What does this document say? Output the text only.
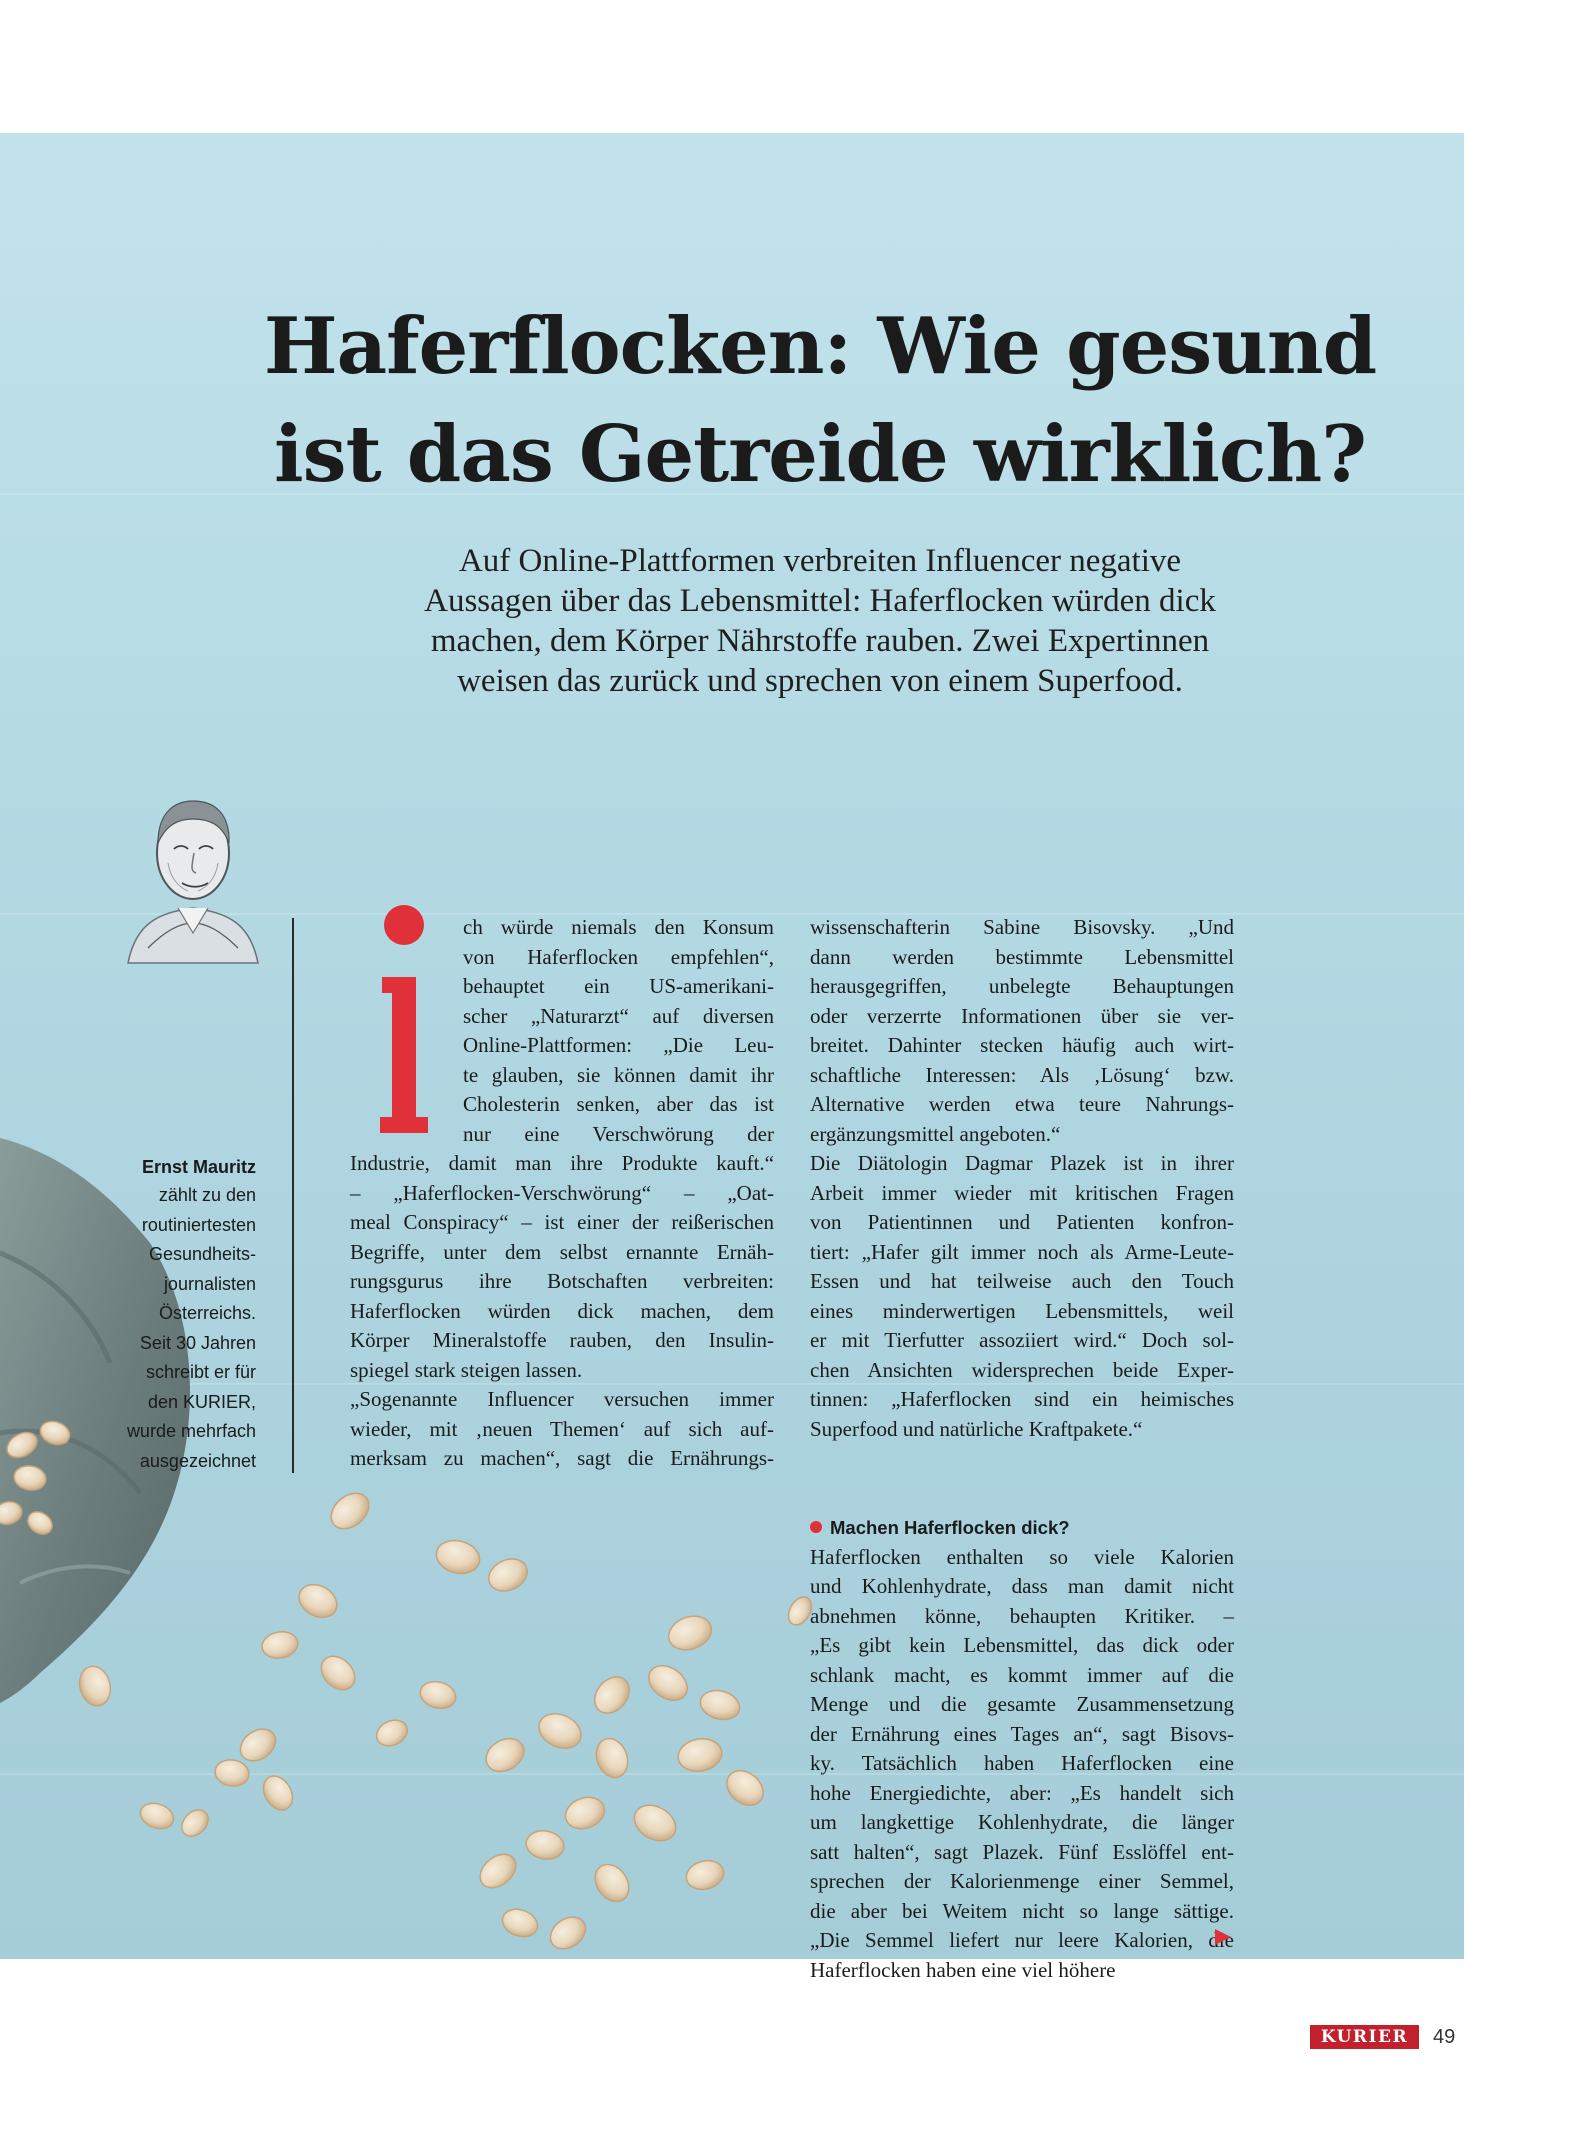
Haferflocken: Wie gesund
ist das Getreide wirklich?

Auf Online-Plattformen verbreiten Influencer negative
Aussagen über das Lebensmittel: Haferflocken würden dick
machen, dem Körper Nährstoffe rauben. Zwei Expertinnen
weisen das zurück und sprechen von einem Superfood.

Ernst Mauritz
zählt zu den
routiniertesten
Gesundheits-
journalisten
Österreichs.
Seit 30 Jahren
schreibt er für
den KURIER,
wurde mehrfach
ausgezeichnet
i
ch würde niemals den Konsum
von Haferflocken empfehlen“,
behauptet ein US-amerikani-
scher „Naturarzt“ auf diversen
Online-Plattformen: „Die Leu-
te glauben, sie können damit ihr
Cholesterin senken, aber das ist
nur eine Verschwörung der
Industrie, damit man ihre Produkte kauft.“
– „Haferflocken-Verschwörung“ – „Oat-
meal Conspiracy“ – ist einer der reißerischen
Begriffe, unter dem selbst ernannte Ernäh-
rungsgurus ihre Botschaften verbreiten:
Haferflocken würden dick machen, dem
Körper Mineralstoffe rauben, den Insulin-
spiegel stark steigen lassen.
„Sogenannte Influencer versuchen immer
wieder, mit ‚neuen Themen‘ auf sich auf-
merksam zu machen“, sagt die Ernährungs-
wissenschafterin Sabine Bisovsky. „Und
dann werden bestimmte Lebensmittel
herausgegriffen, unbelegte Behauptungen
oder verzerrte Informationen über sie ver-
breitet. Dahinter stecken häufig auch wirt-
schaftliche Interessen: Als ‚Lösung‘ bzw.
Alternative werden etwa teure Nahrungs-
ergänzungsmittel angeboten.“
Die Diätologin Dagmar Plazek ist in ihrer
Arbeit immer wieder mit kritischen Fragen
von Patientinnen und Patienten konfron-
tiert: „Hafer gilt immer noch als Arme-Leute-
Essen und hat teilweise auch den Touch
eines minderwertigen Lebensmittels, weil
er mit Tierfutter assoziiert wird.“ Doch sol-
chen Ansichten widersprechen beide Exper-
tinnen: „Haferflocken sind ein heimisches
Superfood und natürliche Kraftpakete.“
Machen Haferflocken dick?
Haferflocken enthalten so viele Kalorien
und Kohlenhydrate, dass man damit nicht
abnehmen könne, behaupten Kritiker. –
„Es gibt kein Lebensmittel, das dick oder
schlank macht, es kommt immer auf die
Menge und die gesamte Zusammensetzung
der Ernährung eines Tages an“, sagt Bisovs-
ky. Tatsächlich haben Haferflocken eine
hohe Energiedichte, aber: „Es handelt sich
um langkettige Kohlenhydrate, die länger
satt halten“, sagt Plazek. Fünf Esslöffel ent-
sprechen der Kalorienmenge einer Semmel,
die aber bei Weitem nicht so lange sättige.
„Die Semmel liefert nur leere Kalorien, die
Haferflocken haben eine viel höhere
KURIER	49
